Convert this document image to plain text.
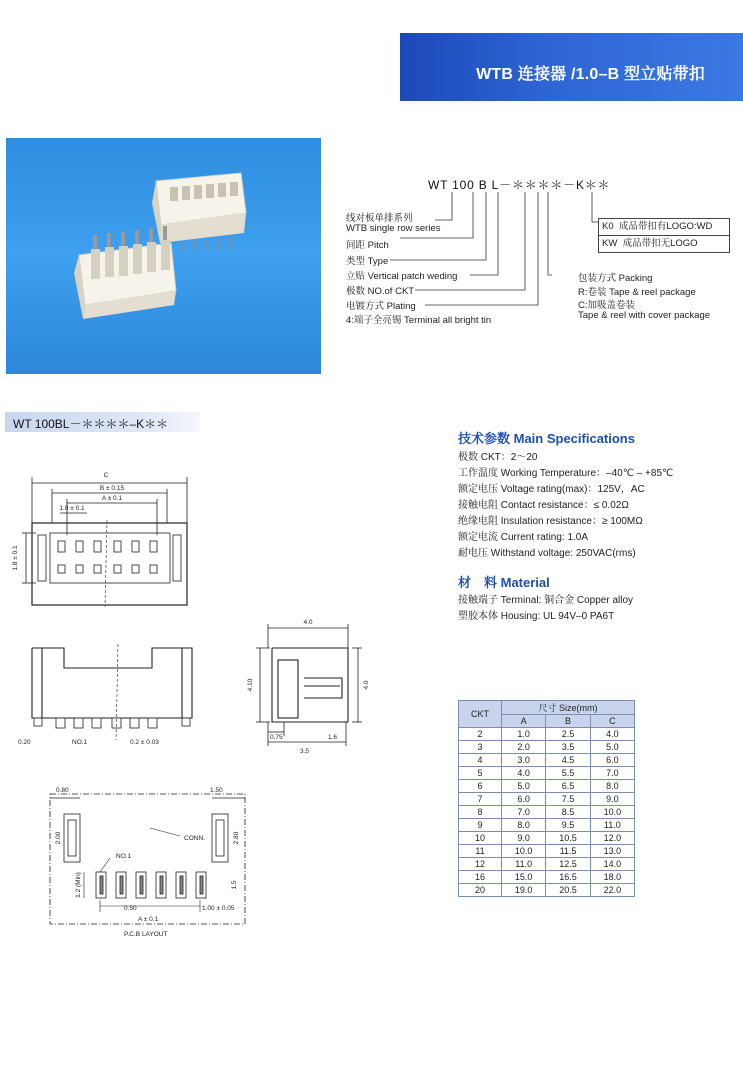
WTB 连接器 /1.0–B 型立贴带扣
WT 100 B L－＊＊＊＊－K＊＊
线对板单排系列
WTB single row series
间距 Pitch
类型 Type
立贴 Vertical patch weding
极数 NO.of CKT
电镀方式 Plating
4:端子全亮锡 Terminal all bright tin
K0 成品带扣有LOGO:WD
KW 成品带扣无LOGO
包装方式 Packing
R:卷装 Tape & reel package
C:加吸盖卷装
Tape & reel with cover package
WT 100BL－＊＊＊＊–K＊＊
技术参数 Main Specifications
极数 CKT：2～20
工作温度 Working Temperature：–40℃ – +85℃
额定电压 Voltage rating(max)：125V，AC
接触电阻 Contact resistance：≤ 0.02Ω
绝缘电阻 Insulation resistance：≥ 100MΩ
额定电流 Current rating: 1.0A
耐电压 Withstand voltage: 250VAC(rms)
材　料 Material
接触端子 Terminal: 铜合金 Copper alloy
塑胶本体 Housing: UL 94V–0 PA6T
C
B ± 0.15
A ± 0.1
1.0 ± 0.1
1.8 ± 0.1
0.20	NO.1	0.2 ± 0.03
4.0
4.10	4.0
0.75	1.6
3.5
0.80	1.50
2.00	2.80
CONN.
NO.1
1.2 (Min)	1.5
0.50	1.00 ± 0.05
A ± 0.1
P.C.B LAYOUT
CKT	尺寸 Size(mm)		
	A	B	C
2	1.0	2.5	4.0
3	2.0	3.5	5.0
4	3.0	4.5	6.0
5	4.0	5.5	7.0
6	5.0	6.5	8.0
7	6.0	7.5	9.0
8	7.0	8.5	10.0
9	8.0	9.5	11.0
10	9.0	10.5	12.0
11	10.0	11.5	13.0
12	11.0	12.5	14.0
16	15.0	16.5	18.0
20	19.0	20.5	22.0
